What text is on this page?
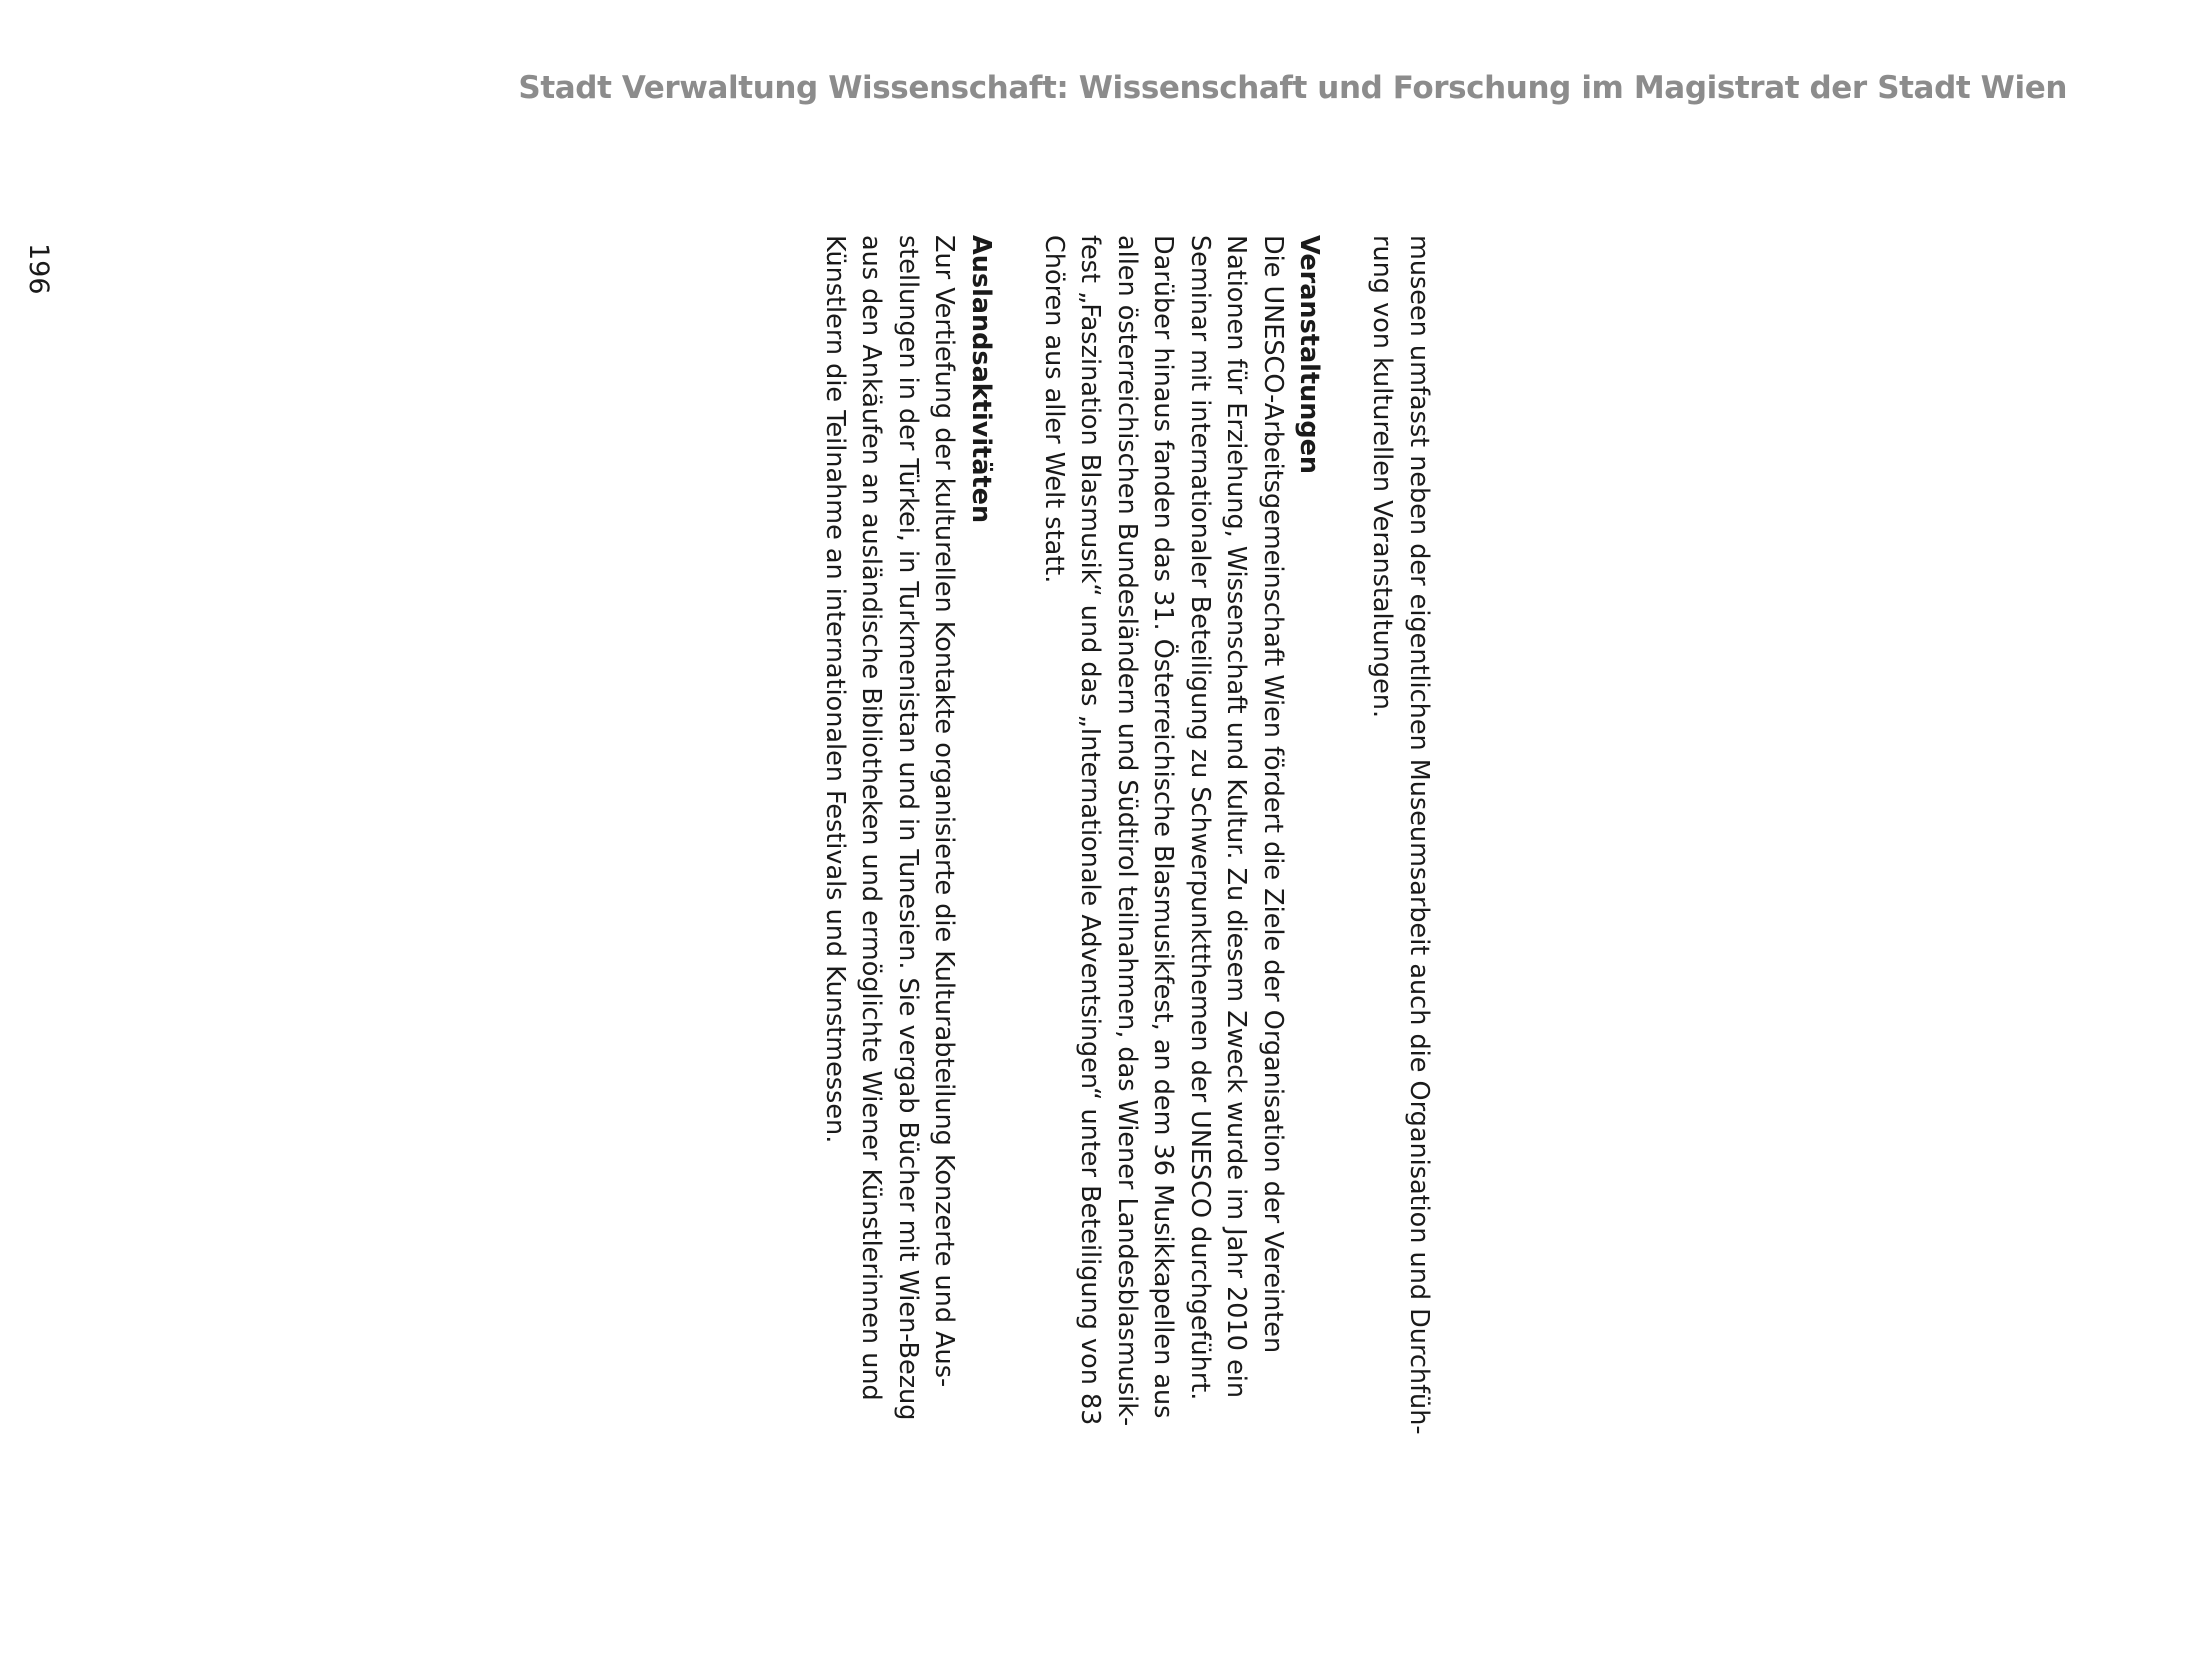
Stadt Verwaltung Wissenschaft: Wissenschaft und Forschung im Magistrat der Stadt Wien

museen umfasst neben der eigentlichen Museumsarbeit auch die Organisation und Durchfüh-
rung von kulturellen Veranstaltungen.

Veranstaltungen

Die UNESCO-Arbeitsgemeinschaft Wien fördert die Ziele der Organisation der Vereinten
Nationen für Erziehung, Wissenschaft und Kultur. Zu diesem Zweck wurde im Jahr 2010 ein
Seminar mit internationaler Beteiligung zu Schwerpunktthemen der UNESCO durchgeführt.
Darüber hinaus fanden das 31. Österreichische Blasmusikfest, an dem 36 Musikkapellen aus
allen österreichischen Bundesländern und Südtirol teilnahmen, das Wiener Landesblasmusik-
fest „Faszination Blasmusik“ und das „Internationale Adventsingen“ unter Beteiligung von 83
Chören aus aller Welt statt.

Auslandsaktivitäten

Zur Vertiefung der kulturellen Kontakte organisierte die Kulturabteilung Konzerte und Aus-
stellungen in der Türkei, in Turkmenistan und in Tunesien. Sie vergab Bücher mit Wien-Bezug
aus den Ankäufen an ausländische Bibliotheken und ermöglichte Wiener Künstlerinnen und
Künstlern die Teilnahme an internationalen Festivals und Kunstmessen.

196
